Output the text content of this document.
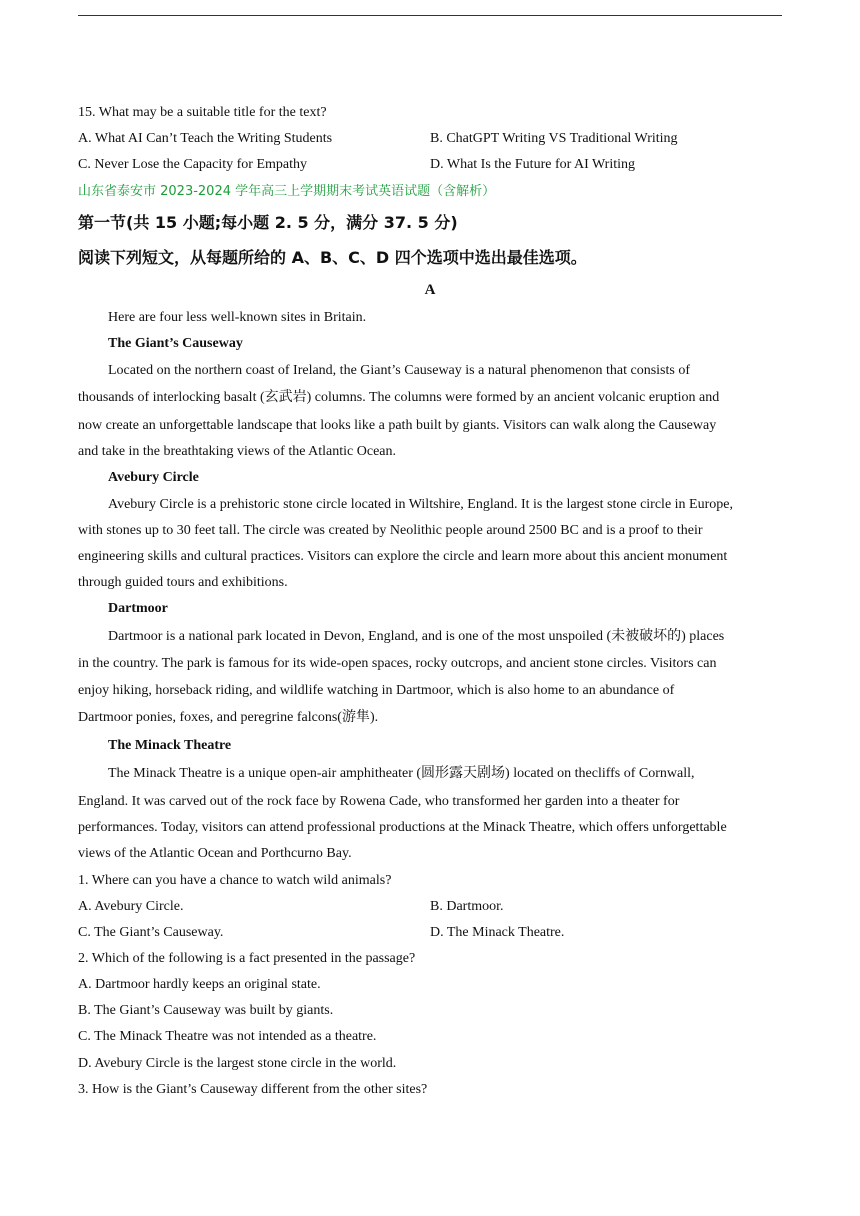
15. What may be a suitable title for the text?
A. What AI Can’t Teach the Writing Students	B. ChatGPT Writing VS Traditional Writing
C. Never Lose the Capacity for Empathy	D. What Is the Future for AI Writing
山东省泰安市 2023-2024 学年高三上学期期末考试英语试题（含解析）
第一节(共 15 小题;每小题 2. 5 分，满分 37. 5 分)
阅读下列短文，从每题所给的 A、B、C、D 四个选项中选出最佳选项。
A
Here are four less well-known sites in Britain.
The Giant’s Causeway
Located on the northern coast of Ireland, the Giant’s Causeway is a natural phenomenon that consists of
thousands of interlocking basalt (玄武岩) columns. The columns were formed by an ancient volcanic eruption and
now create an unforgettable landscape that looks like a path built by giants. Visitors can walk along the Causeway
and take in the breathtaking views of the Atlantic Ocean.
Avebury Circle
Avebury Circle is a prehistoric stone circle located in Wiltshire, England. It is the largest stone circle in Europe,
with stones up to 30 feet tall. The circle was created by Neolithic people around 2500 BC and is a proof to their
engineering skills and cultural practices. Visitors can explore the circle and learn more about this ancient monument
through guided tours and exhibitions.
Dartmoor
Dartmoor is a national park located in Devon, England, and is one of the most unspoiled (未被破坏的) places
in the country. The park is famous for its wide-open spaces, rocky outcrops, and ancient stone circles. Visitors can
enjoy hiking, horseback riding, and wildlife watching in Dartmoor, which is also home to an abundance of
Dartmoor ponies, foxes, and peregrine falcons(游隼).
The Minack Theatre
The Minack Theatre is a unique open-air amphitheater (圆形露天剧场) located on thecliffs of Cornwall,
England. It was carved out of the rock face by Rowena Cade, who transformed her garden into a theater for
performances. Today, visitors can attend professional productions at the Minack Theatre, which offers unforgettable
views of the Atlantic Ocean and Porthcurno Bay.
1. Where can you have a chance to watch wild animals?
A. Avebury Circle.	B. Dartmoor.
C. The Giant’s Causeway.	D. The Minack Theatre.
2. Which of the following is a fact presented in the passage?
A. Dartmoor hardly keeps an original state.
B. The Giant’s Causeway was built by giants.
C. The Minack Theatre was not intended as a theatre.
D. Avebury Circle is the largest stone circle in the world.
3. How is the Giant’s Causeway different from the other sites?
